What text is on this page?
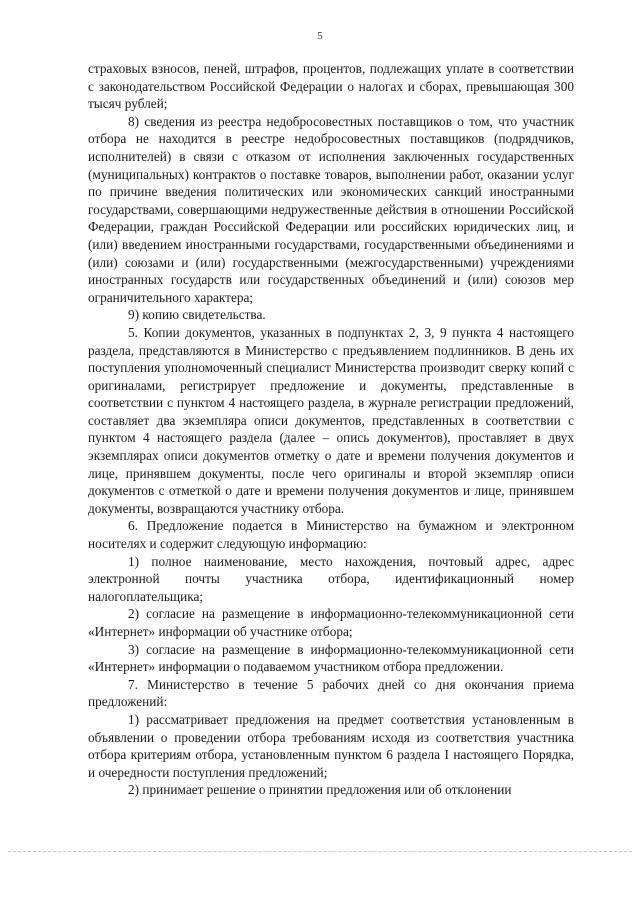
5

страховых взносов, пеней, штрафов, процентов, подлежащих уплате в соответствии с законодательством Российской Федерации о налогах и сборах, превышающая 300 тысяч рублей;

8) сведения из реестра недобросовестных поставщиков о том, что участник отбора не находится в реестре недобросовестных поставщиков (подрядчиков, исполнителей) в связи с отказом от исполнения заключенных государственных (муниципальных) контрактов о поставке товаров, выполнении работ, оказании услуг по причине введения политических или экономических санкций иностранными государствами, совершающими недружественные действия в отношении Российской Федерации, граждан Российской Федерации или российских юридических лиц, и (или) введением иностранными государствами, государственными объединениями и (или) союзами и (или) государственными (межгосударственными) учреждениями иностранных государств или государственных объединений и (или) союзов мер ограничительного характера;

9) копию свидетельства.

5. Копии документов, указанных в подпунктах 2, 3, 9 пункта 4 настоящего раздела, представляются в Министерство с предъявлением подлинников. В день их поступления уполномоченный специалист Министерства производит сверку копий с оригиналами, регистрирует предложение и документы, представленные в соответствии с пунктом 4 настоящего раздела, в журнале регистрации предложений, составляет два экземпляра описи документов, представленных в соответствии с пунктом 4 настоящего раздела (далее – опись документов), проставляет в двух экземплярах описи документов отметку о дате и времени получения документов и лице, принявшем документы, после чего оригиналы и второй экземпляр описи документов с отметкой о дате и времени получения документов и лице, принявшем документы, возвращаются участнику отбора.

6. Предложение подается в Министерство на бумажном и электронном носителях и содержит следующую информацию:

1) полное наименование, место нахождения, почтовый адрес, адрес электронной почты участника отбора, идентификационный номер налогоплательщика;

2) согласие на размещение в информационно-телекоммуникационной сети «Интернет» информации об участнике отбора;

3) согласие на размещение в информационно-телекоммуникационной сети «Интернет» информации о подаваемом участником отбора предложении.

7. Министерство в течение 5 рабочих дней со дня окончания приема предложений:

1) рассматривает предложения на предмет соответствия установленным в объявлении о проведении отбора требованиям исходя из соответствия участника отбора критериям отбора, установленным пунктом 6 раздела I настоящего Порядка, и очередности поступления предложений;

2) принимает решение о принятии предложения или об отклонении
